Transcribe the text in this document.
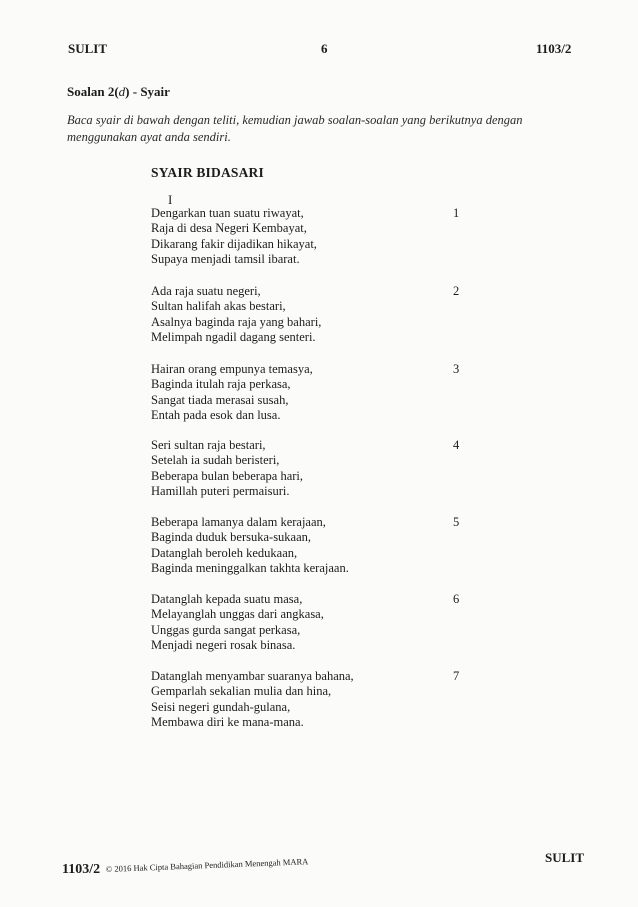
SULIT	6	1103/2
Soalan 2(d) - Syair
Baca syair di bawah dengan teliti, kemudian jawab soalan-soalan yang berikutnya dengan menggunakan ayat anda sendiri.
SYAIR BIDASARI
I
Dengarkan tuan suatu riwayat,
Raja di desa Negeri Kembayat,
Dikarang fakir dijadikan hikayat,
Supaya menjadi tamsil ibarat.
1
Ada raja suatu negeri,
Sultan halifah akas bestari,
Asalnya baginda raja yang bahari,
Melimpah ngadil dagang senteri.
2
Hairan orang empunya temasya,
Baginda itulah raja perkasa,
Sangat tiada merasai susah,
Entah pada esok dan lusa.
3
Seri sultan raja bestari,
Setelah ia sudah beristeri,
Beberapa bulan beberapa hari,
Hamillah puteri permaisuri.
4
Beberapa lamanya dalam kerajaan,
Baginda duduk bersuka-sukaan,
Datanglah beroleh kedukaan,
Baginda meninggalkan takhta kerajaan.
5
Datanglah kepada suatu masa,
Melayanglah unggas dari angkasa,
Unggas gurda sangat perkasa,
Menjadi negeri rosak binasa.
6
Datanglah menyambar suaranya bahana,
Gemparlah sekalian mulia dan hina,
Seisi negeri gundah-gulana,
Membawa diri ke mana-mana.
7
1103/2 © 2016 Hak Cipta Bahagian Pendidikan Menengah MARA	SULIT
